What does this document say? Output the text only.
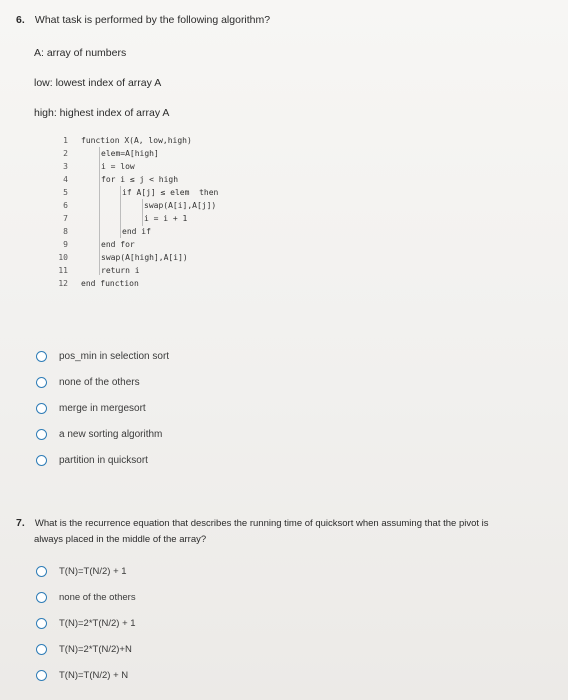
6. What task is performed by the following algorithm?
A: array of numbers
low: lowest index of array A
high: highest index of array A
1 function X(A, low,high)
2	elem=A[high]
3	i = low
4	for i ≤ j < high
5	if A[j] ≤ elem  then
6	swap(A[i],A[j])
7	i = i + 1
8	end if
9	end for
10	swap(A[high],A[i])
11	return i
12 end function
pos_min in selection sort
none of the others
merge in mergesort
a new sorting algorithm
partition in quicksort
7. What is the recurrence equation that describes the running time of quicksort when assuming that the pivot is
always placed in the middle of the array?
T(N)=T(N/2) + 1
none of the others
T(N)=2*T(N/2) + 1
T(N)=2*T(N/2)+N
T(N)=T(N/2) + N
